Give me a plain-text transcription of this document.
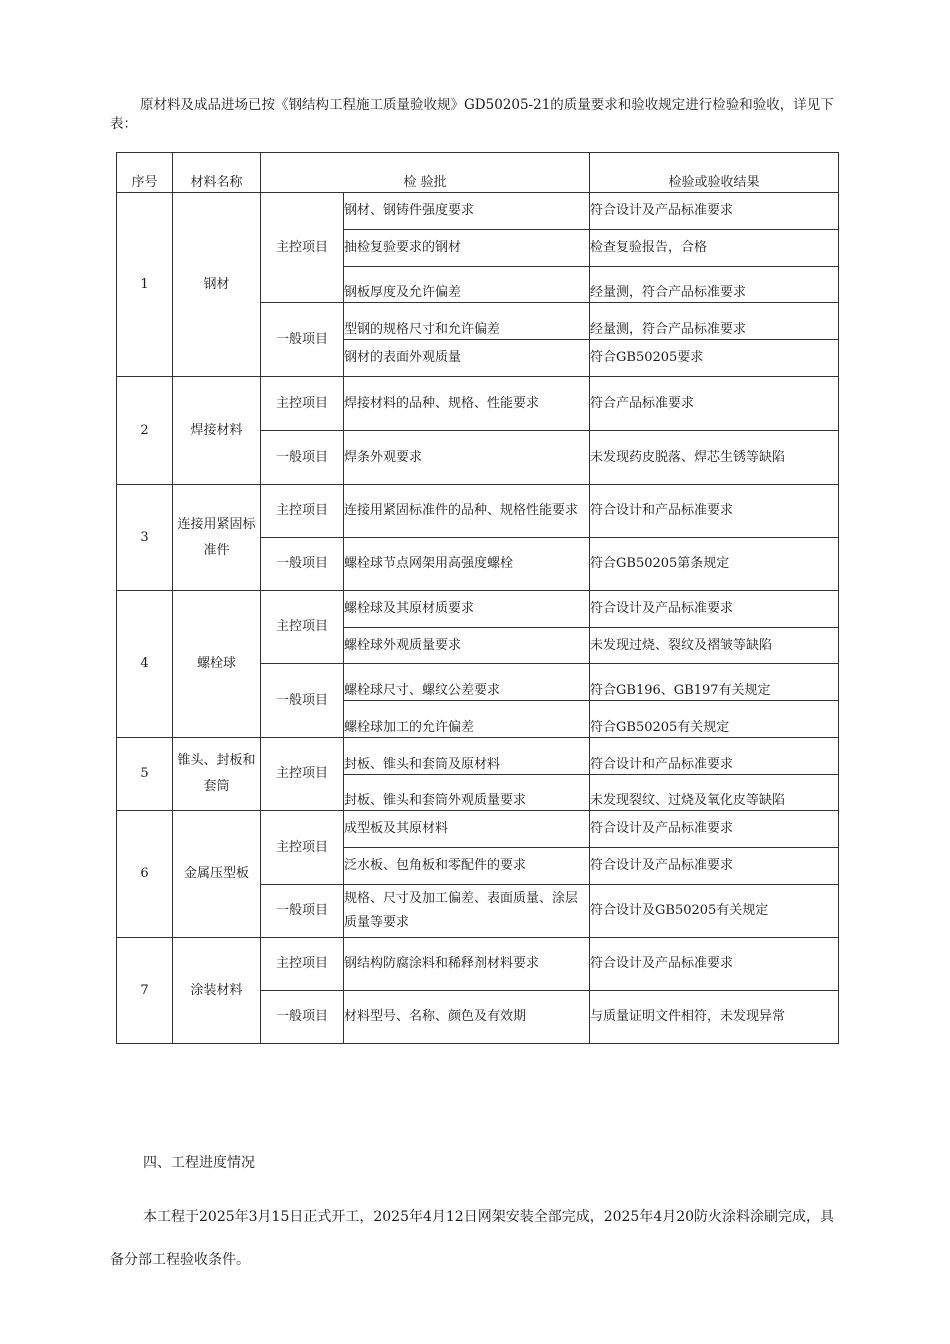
原材料及成品进场已按《钢结构工程施工质量验收规》GD50205-21的质量要求和验收规定进行检验和验收，详见下表：
序号	材料名称	检 验批		检验或验收结果
1	钢材	主控项目	钢材、钢铸件强度要求	符合设计及产品标准要求
			抽检复验要求的钢材	检查复验报告，合格

			钢板厚度及允许偏差	经量测，符合产品标准要求

		一般项目	型钢的规格尺寸和允许偏差	经量测，符合产品标准要求

			钢材的表面外观质量	符合GB50205要求
2	焊接材料	主控项目	焊接材料的品种、规格、性能要求	符合产品标准要求
		一般项目	焊条外观要求	未发现药皮脱落、焊芯生锈等缺陷
3	连接用紧固标准件	主控项目	连接用紧固标准件的品种、规格性能要求	符合设计和产品标准要求
		一般项目	螺栓球节点网架用高强度螺栓	符合GB50205第条规定
4	螺栓球	主控项目	螺栓球及其原材质要求	符合设计及产品标准要求
			螺栓球外观质量要求	未发现过烧、裂纹及褶皱等缺陷
		一般项目	螺栓球尺寸、螺纹公差要求	符合GB196、GB197有关规定

			螺栓球加工的允许偏差	符合GB50205有关规定

5	锥头、封板和套筒	主控项目	封板、锥头和套筒及原材料	符合设计和产品标准要求

			封板、锥头和套筒外观质量要求	未发现裂纹、过烧及氧化皮等缺陷

6	金属压型板	主控项目	成型板及其原材料	符合设计及产品标准要求
			泛水板、包角板和零配件的要求	符合设计及产品标准要求
		一般项目	规格、尺寸及加工偏差、表面质量、涂层质量等要求	符合设计及GB50205有关规定
7	涂装材料	主控项目	钢结构防腐涂料和稀释剂材料要求	符合设计及产品标准要求
		一般项目	材料型号、名称、颜色及有效期	与质量证明文件相符，未发现异常
四、工程进度情况
本工程于2025年3月15日正式开工，2025年4月12日网架安装全部完成，2025年4月20防火涂料涂刷完成，具备分部工程验收条件。
